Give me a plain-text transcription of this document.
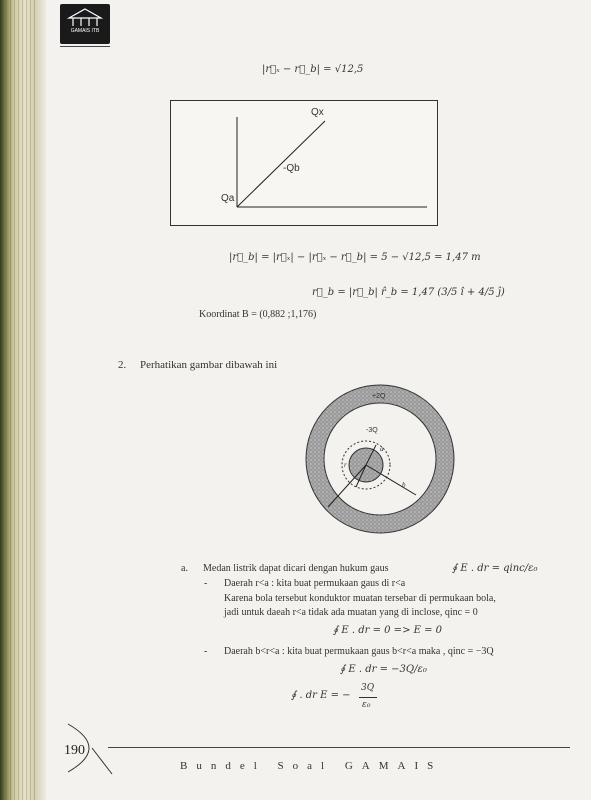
GAMAIS ITB
|r⃗ₓ − r⃗_b| = √12,5
Qx
-Qb
Qa
|r⃗_b| = |r⃗ₓ| − |r⃗ₓ − r⃗_b| = 5 − √12,5 = 1,47 m
r⃗_b = |r⃗_b| r̂_b = 1,47 (3/5 î + 4/5 ĵ)
Koordinat B = (0,882 ;1,176)
2. Perhatikan gambar dibawah ini
+2Q
-3Q
a
b
r
a. Medan listrik dapat dicari dengan hukum gaus	∮ E . dr = qinc/ε₀
- Daerah r<a : kita buat permukaan gaus di r<a
Karena bola tersebut konduktor muatan tersebar di permukaan bola,
jadi untuk daeah r<a tidak ada muatan yang di inclose, qinc = 0
∮ E . dr = 0 => E = 0
- Daerah b<r<a : kita buat permukaan gaus b<r<a maka , qinc = −3Q
∮ E . dr = −3Q/ε₀
∮ . dr E = −
3Q
ε₀
190
Bundel Soal GAMAIS
